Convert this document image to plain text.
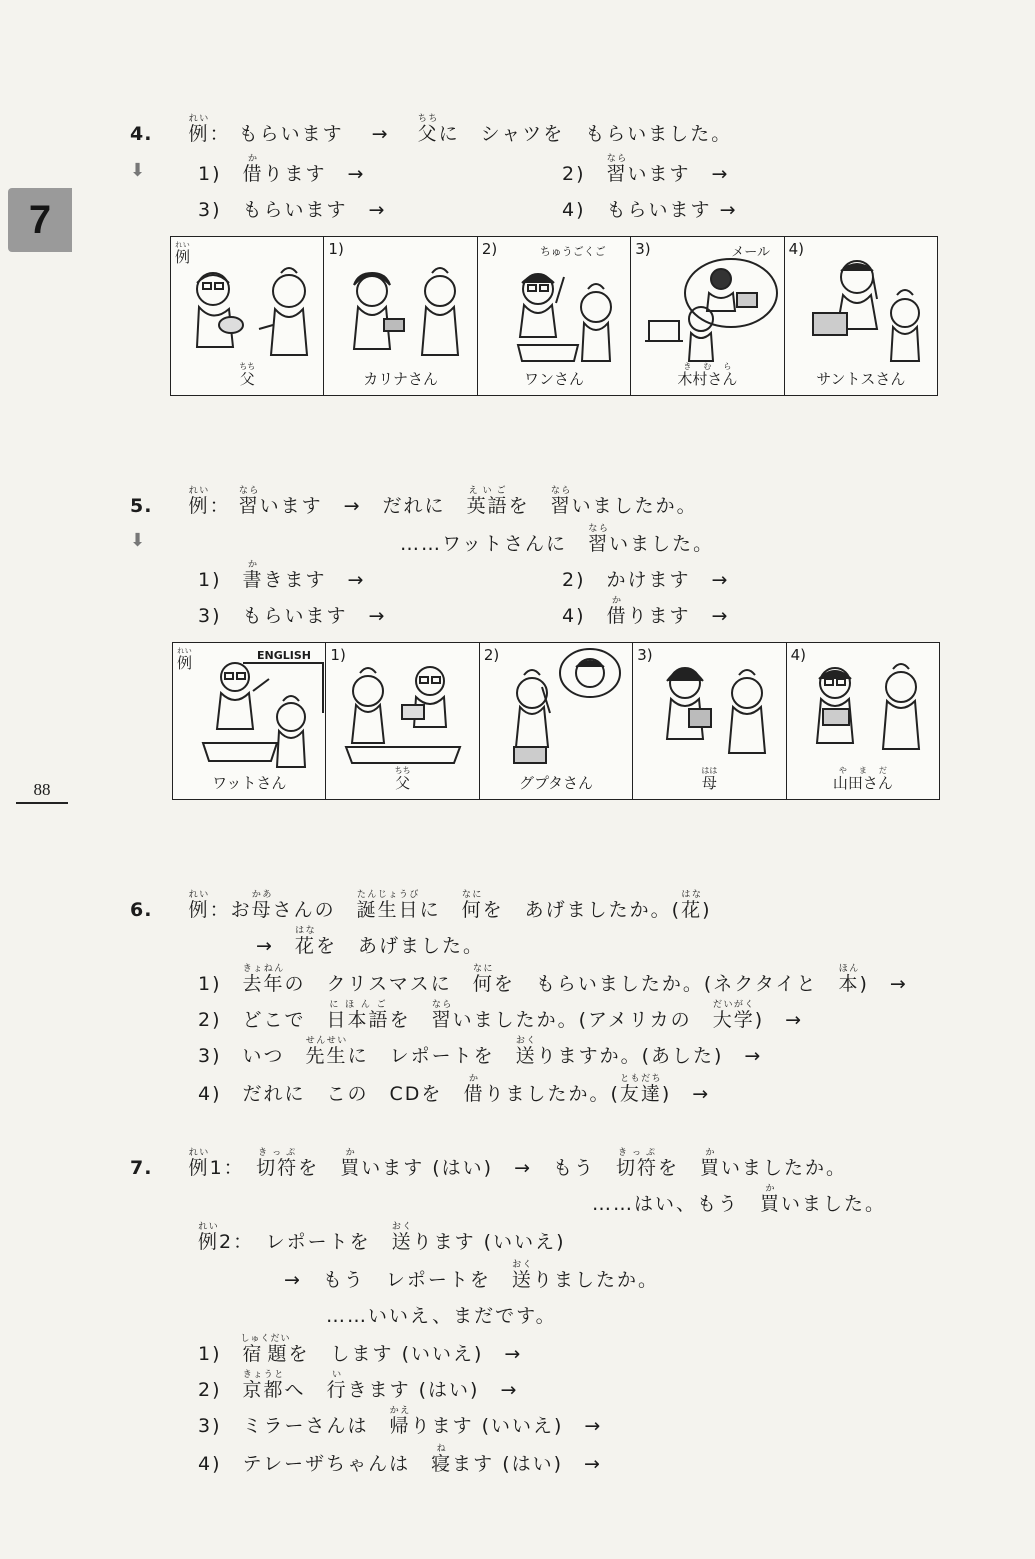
7
88
4. 例れい： もらいます → 父ちちに　シャツを　もらいました。
⬇	1)　 借かります　→	2)　 習ならいます　→
3)　 もらいます　→	4)　 もらいます →
例れい
父ちち
1)
カリナさん
2)	ちゅうごくご
ワンさん
3)	メール
木村さんきむら
4)
サントスさん
5. 例れい： 習ならいます　→　だれに　 英語えいごを　 習ならいましたか。
⬇	……ワットさんに　 習ならいました。
1)　 書かきます　→	2)　 かけます　→
3)　 もらいます　→	4)　 借かります　→
例れい	ENGLISH
ワットさん
1)
父ちち
2)
グプタさん
3)
母はは
4)
山田さんやまだ
6. 例れい：お母かあさんの　誕生日たんじょうびに　何なにを　あげましたか。(花はな)
→　花はなを　あげました。
1)　 去年きょねんの　クリスマスに　何なにを　もらいましたか。(ネクタイと　本ほん)　→
2)　 どこで　日本語にほんごを　習ならいましたか。(アメリカの　大学だいがく)　→
3)　 いつ　先生せんせいに　レポートを　送おくりますか。(あした)　→
4)　 だれに　この　CDを　借かりましたか。(友達ともだち)　→
7. 例れい1：　切符きっぷを　買かいます (はい)　→　もう　切符きっぷを　買かいましたか。
……はい、もう　買かいました。
例れい2：　レポートを　送おくります (いいえ)
→　もう　レポートを　送おくりましたか。
……いいえ、まだです。
1)　 宿題しゅくだいを　します (いいえ)　→
2)　 京都きょうとへ　行いきます (はい)　→
3)　 ミラーさんは　帰かえります (いいえ)　→
4)　 テレーザちゃんは　寝ねます (はい)　→
